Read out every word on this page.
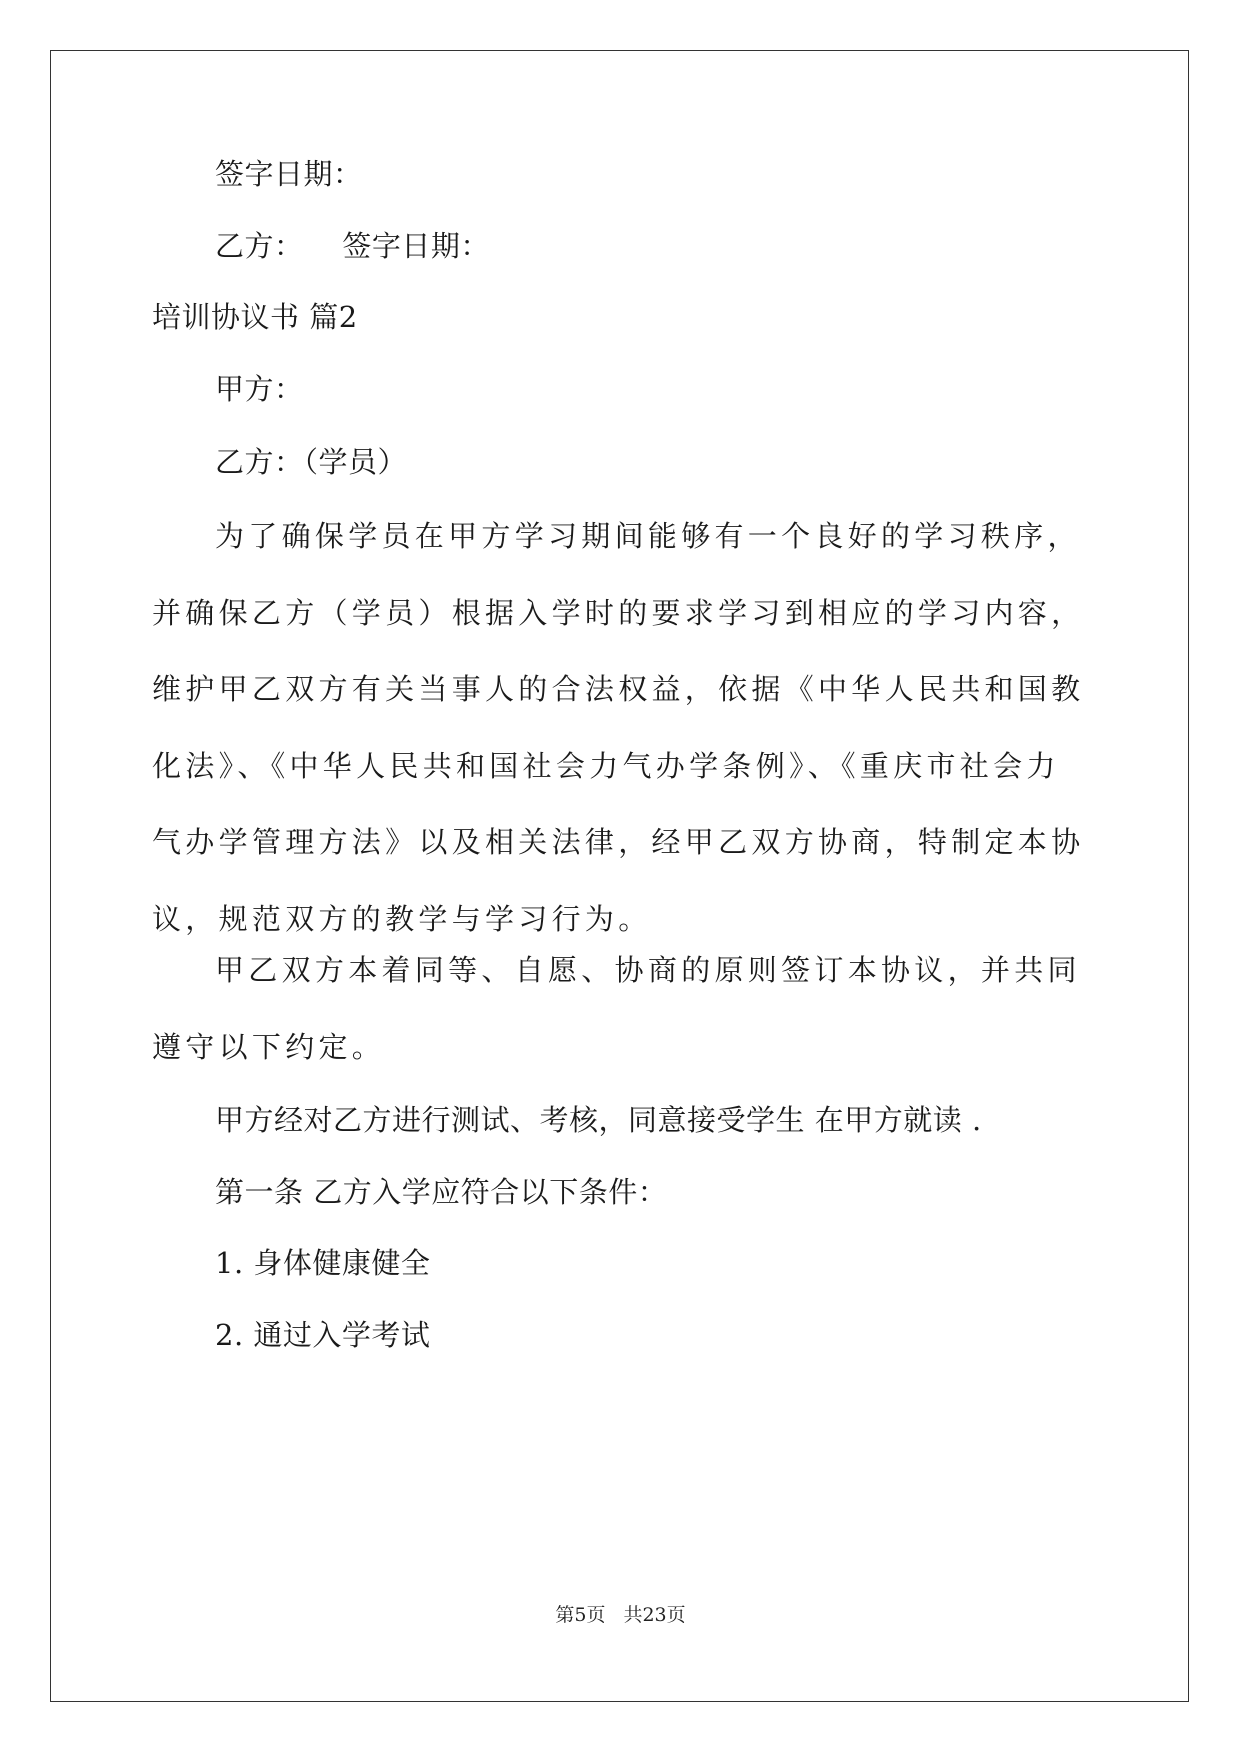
签字日期：
乙方：    签字日期：
培训协议书 篇2
甲方：
乙方：（学员）
为了确保学员在甲方学习期间能够有一个良好的学习秩序，并确保乙方（学员）根据入学时的要求学习到相应的学习内容，维护甲乙双方有关当事人的合法权益，依据《中华人民共和国教化法》、《中华人民共和国社会力气办学条例》、《重庆市社会力气办学管理方法》以及相关法律，经甲乙双方协商，特制定本协议，规范双方的教学与学习行为。
甲乙双方本着同等、自愿、协商的原则签订本协议，并共同遵守以下约定。
甲方经对乙方进行测试、考核，同意接受学生 在甲方就读 .
第一条 乙方入学应符合以下条件：
1. 身体健康健全
2. 通过入学考试
第5页 共23页
